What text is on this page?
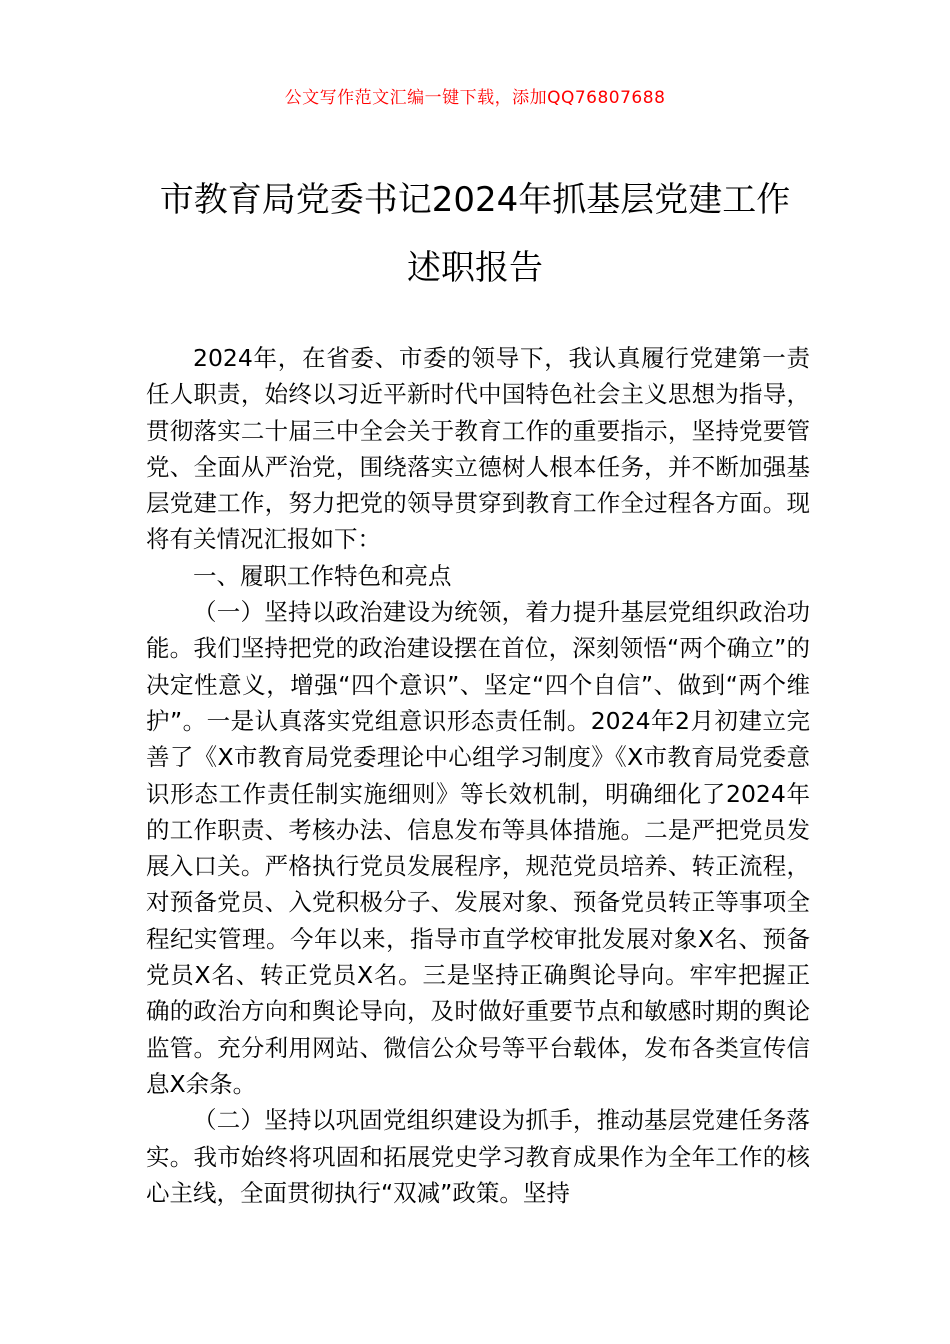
公文写作范文汇编一键下载，添加QQ76807688
市教育局党委书记2024年抓基层党建工作
述职报告

2024年，在省委、市委的领导下，我认真履行党建第一责任人职责，始终以习近平新时代中国特色社会主义思想为指导，贯彻落实二十届三中全会关于教育工作的重要指示，坚持党要管党、全面从严治党，围绕落实立德树人根本任务，并不断加强基层党建工作，努力把党的领导贯穿到教育工作全过程各方面。现将有关情况汇报如下：

一、履职工作特色和亮点

（一）坚持以政治建设为统领，着力提升基层党组织政治功能。我们坚持把党的政治建设摆在首位，深刻领悟“两个确立”的决定性意义，增强“四个意识”、坚定“四个自信”、做到“两个维护”。一是认真落实党组意识形态责任制。2024年2月初建立完善了《X市教育局党委理论中心组学习制度》《X市教育局党委意识形态工作责任制实施细则》等长效机制，明确细化了2024年的工作职责、考核办法、信息发布等具体措施。二是严把党员发展入口关。严格执行党员发展程序，规范党员培养、转正流程，对预备党员、入党积极分子、发展对象、预备党员转正等事项全程纪实管理。今年以来，指导市直学校审批发展对象X名、预备党员X名、转正党员X名。三是坚持正确舆论导向。牢牢把握正确的政治方向和舆论导向，及时做好重要节点和敏感时期的舆论监管。充分利用网站、微信公众号等平台载体，发布各类宣传信息X余条。

（二）坚持以巩固党组织建设为抓手，推动基层党建任务落实。我市始终将巩固和拓展党史学习教育成果作为全年工作的核心主线，全面贯彻执行“双减”政策。坚持
